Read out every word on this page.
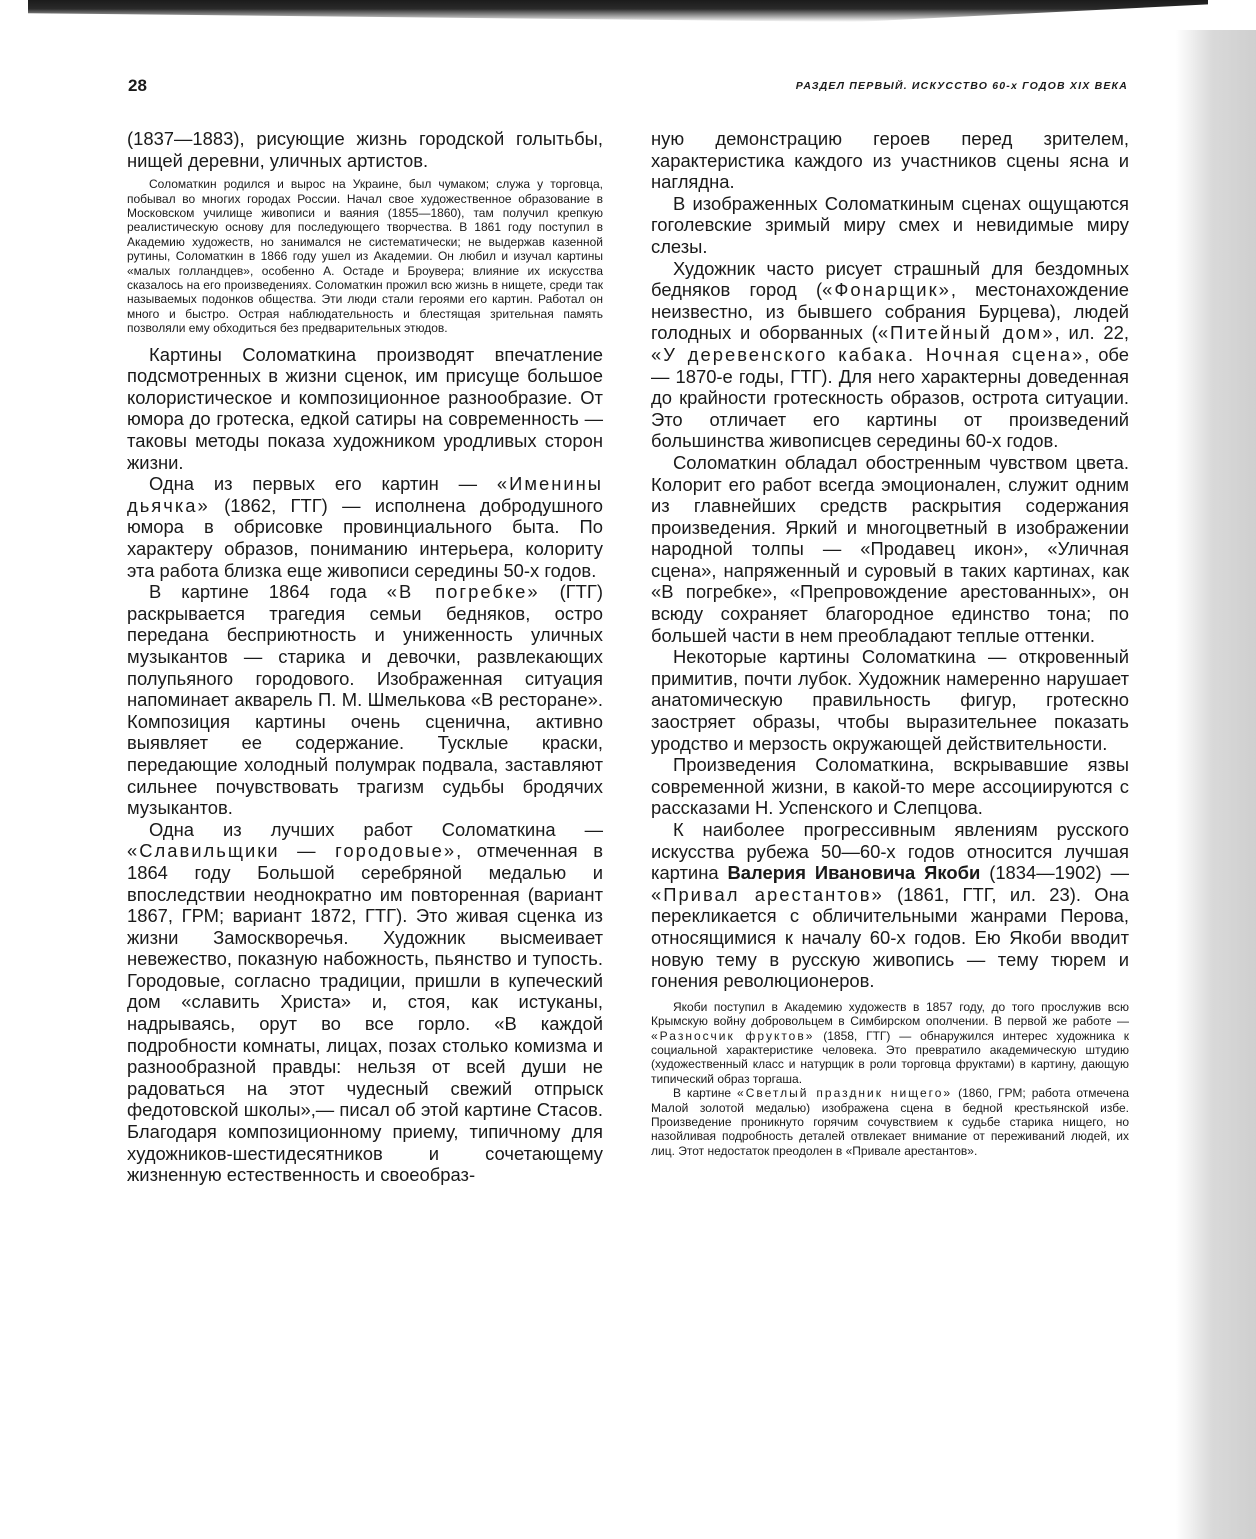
28	РАЗДЕЛ ПЕРВЫЙ. ИСКУССТВО 60-х ГОДОВ XIX ВЕКА

(1837—1883), рисующие жизнь городской голытьбы, нищей деревни, уличных артистов.

Соломаткин родился и вырос на Украине, был чумаком; служа у торговца, побывал во многих городах России. Начал свое художественное образование в Московском училище живописи и ваяния (1855—1860), там получил крепкую реалистическую основу для последующего творчества. В 1861 году поступил в Академию художеств, но занимался не систематически; не выдержав казенной рутины, Соломаткин в 1866 году ушел из Академии. Он любил и изучал картины «малых голландцев», особенно А. Остаде и Броувера; влияние их искусства сказалось на его произведениях. Соломаткин прожил всю жизнь в нищете, среди так называемых подонков общества. Эти люди стали героями его картин. Работал он много и быстро. Острая наблюдательность и блестящая зрительная память позволяли ему обходиться без предварительных этюдов.

Картины Соломаткина производят впечатление подсмотренных в жизни сценок, им присуще большое колористическое и композиционное разнообразие. От юмора до гротеска, едкой сатиры на современность — таковы методы показа художником уродливых сторон жизни.

Одна из первых его картин — «Именины дьячка» (1862, ГТГ) — исполнена добродушного юмора в обрисовке провинциального быта. По характеру образов, пониманию интерьера, колориту эта работа близка еще живописи середины 50-х годов.

В картине 1864 года «В погребке» (ГТГ) раскрывается трагедия семьи бедняков, остро передана бесприютность и униженность уличных музыкантов — старика и девочки, развлекающих полупьяного городового. Изображенная ситуация напоминает акварель П. М. Шмелькова «В ресторане». Композиция картины очень сценична, активно выявляет ее содержание. Тусклые краски, передающие холодный полумрак подвала, заставляют сильнее почувствовать трагизм судьбы бродячих музыкантов.

Одна из лучших работ Соломаткина — «Славильщики — городовые», отмеченная в 1864 году Большой серебряной медалью и впоследствии неоднократно им повторенная (вариант 1867, ГРМ; вариант 1872, ГТГ). Это живая сценка из жизни Замоскворечья. Художник высмеивает невежество, показную набожность, пьянство и тупость. Городовые, согласно традиции, пришли в купеческий дом «славить Христа» и, стоя, как истуканы, надрываясь, орут во все горло. «В каждой подробности комнаты, лицах, позах столько комизма и разнообразной правды: нельзя от всей души не радоваться на этот чудесный свежий отпрыск федотовской школы»,— писал об этой картине Стасов. Благодаря композиционному приему, типичному для художников-шестидесятников и сочетающему жизненную естественность и своеобраз-

ную демонстрацию героев перед зрителем, характеристика каждого из участников сцены ясна и наглядна.

В изображенных Соломаткиным сценах ощущаются гоголевские зримый миру смех и невидимые миру слезы.

Художник часто рисует страшный для бездомных бедняков город («Фонарщик», местонахождение неизвестно, из бывшего собрания Бурцева), людей голодных и оборванных («Питейный дом», ил. 22, «У деревенского кабака. Ночная сцена», обе — 1870-е годы, ГТГ). Для него характерны доведенная до крайности гротескность образов, острота ситуации. Это отличает его картины от произведений большинства живописцев середины 60-х годов.

Соломаткин обладал обостренным чувством цвета. Колорит его работ всегда эмоционален, служит одним из главнейших средств раскрытия содержания произведения. Яркий и многоцветный в изображении народной толпы — «Продавец икон», «Уличная сцена», напряженный и суровый в таких картинах, как «В погребке», «Препровождение арестованных», он всюду сохраняет благородное единство тона; по большей части в нем преобладают теплые оттенки.

Некоторые картины Соломаткина — откровенный примитив, почти лубок. Художник намеренно нарушает анатомическую правильность фигур, гротескно заостряет образы, чтобы выразительнее показать уродство и мерзость окружающей действительности.

Произведения Соломаткина, вскрывавшие язвы современной жизни, в какой-то мере ассоциируются с рассказами Н. Успенского и Слепцова.

К наиболее прогрессивным явлениям русского искусства рубежа 50—60-х годов относится лучшая картина Валерия Ивановича Якоби (1834—1902) — «Привал арестантов» (1861, ГТГ, ил. 23). Она перекликается с обличительными жанрами Перова, относящимися к началу 60-х годов. Ею Якоби вводит новую тему в русскую живопись — тему тюрем и гонения революционеров.

Якоби поступил в Академию художеств в 1857 году, до того прослужив всю Крымскую войну добровольцем в Симбирском ополчении. В первой же работе — «Разносчик фруктов» (1858, ГТГ) — обнаружился интерес художника к социальной характеристике человека. Это превратило академическую штудию (художественный класс и натурщик в роли торговца фруктами) в картину, дающую типический образ торгаша.

В картине «Светлый праздник нищего» (1860, ГРМ; работа отмечена Малой золотой медалью) изображена сцена в бедной крестьянской избе. Произведение проникнуто горячим сочувствием к судьбе старика нищего, но назойливая подробность деталей отвлекает внимание от переживаний людей, их лиц. Этот недостаток преодолен в «Привале арестантов».
